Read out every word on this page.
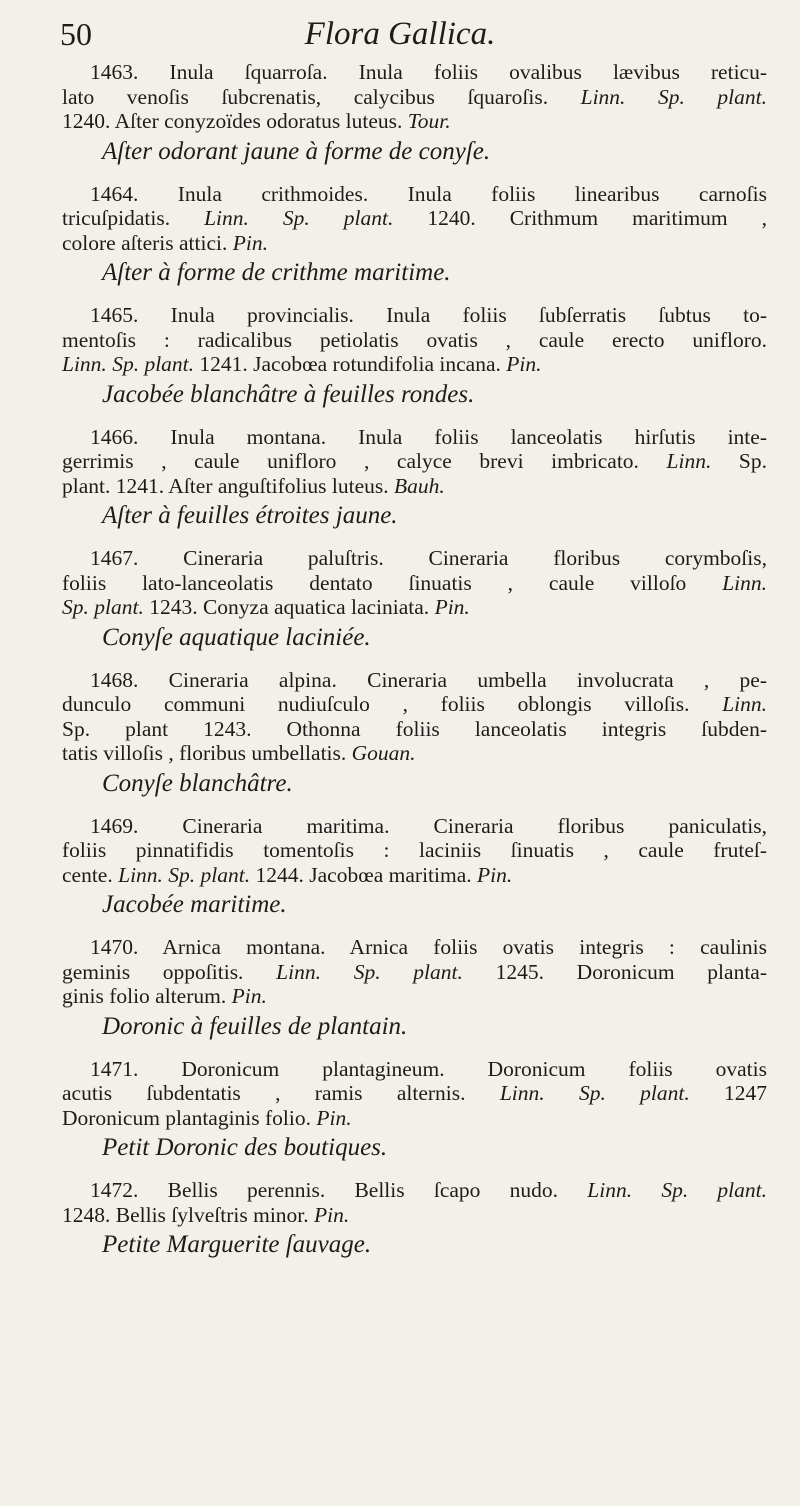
50	Flora Gallica.
1463. Inula ſquarroſa. Inula foliis ovalibus lævibus reticu-
lato venoſis ſubcrenatis, calycibus ſquaroſis. Linn. Sp. plant.
1240. Aſter conyzoïdes odoratus luteus. Tour.
Aſter odorant jaune à forme de conyſe.
1464. Inula crithmoides. Inula foliis linearibus carnoſis
tricuſpidatis. Linn. Sp. plant. 1240. Crithmum maritimum ,
colore aſteris attici. Pin.
Aſter à forme de crithme maritime.
1465. Inula provincialis. Inula foliis ſubſerratis ſubtus to-
mentoſis : radicalibus petiolatis ovatis , caule erecto unifloro.
Linn. Sp. plant. 1241. Jacobœa rotundifolia incana. Pin.
Jacobée blanchâtre à feuilles rondes.
1466. Inula montana. Inula foliis lanceolatis hirſutis inte-
gerrimis , caule unifloro , calyce brevi imbricato. Linn. Sp.
plant. 1241. Aſter anguſtifolius luteus. Bauh.
Aſter à feuilles étroites jaune.
1467. Cineraria paluſtris. Cineraria floribus corymboſis,
foliis lato-lanceolatis dentato ſinuatis , caule villoſo Linn.
Sp. plant. 1243. Conyza aquatica laciniata. Pin.
Conyſe aquatique laciniée.
1468. Cineraria alpina. Cineraria umbella involucrata , pe-
dunculo communi nudiuſculo , foliis oblongis villoſis. Linn.
Sp. plant 1243. Othonna foliis lanceolatis integris ſubden-
tatis villoſis , floribus umbellatis. Gouan.
Conyſe blanchâtre.
1469. Cineraria maritima. Cineraria floribus paniculatis,
foliis pinnatifidis tomentoſis : laciniis ſinuatis , caule fruteſ-
cente. Linn. Sp. plant. 1244. Jacobœa maritima. Pin.
Jacobée maritime.
1470. Arnica montana. Arnica foliis ovatis integris : caulinis
geminis oppoſitis. Linn. Sp. plant. 1245. Doronicum planta-
ginis folio alterum. Pin.
Doronic à feuilles de plantain.
1471. Doronicum plantagineum. Doronicum foliis ovatis
acutis ſubdentatis , ramis alternis. Linn. Sp. plant. 1247
Doronicum plantaginis folio. Pin.
Petit Doronic des boutiques.
1472. Bellis perennis. Bellis ſcapo nudo. Linn. Sp. plant.
1248. Bellis ſylveſtris minor. Pin.
Petite Marguerite ſauvage.
